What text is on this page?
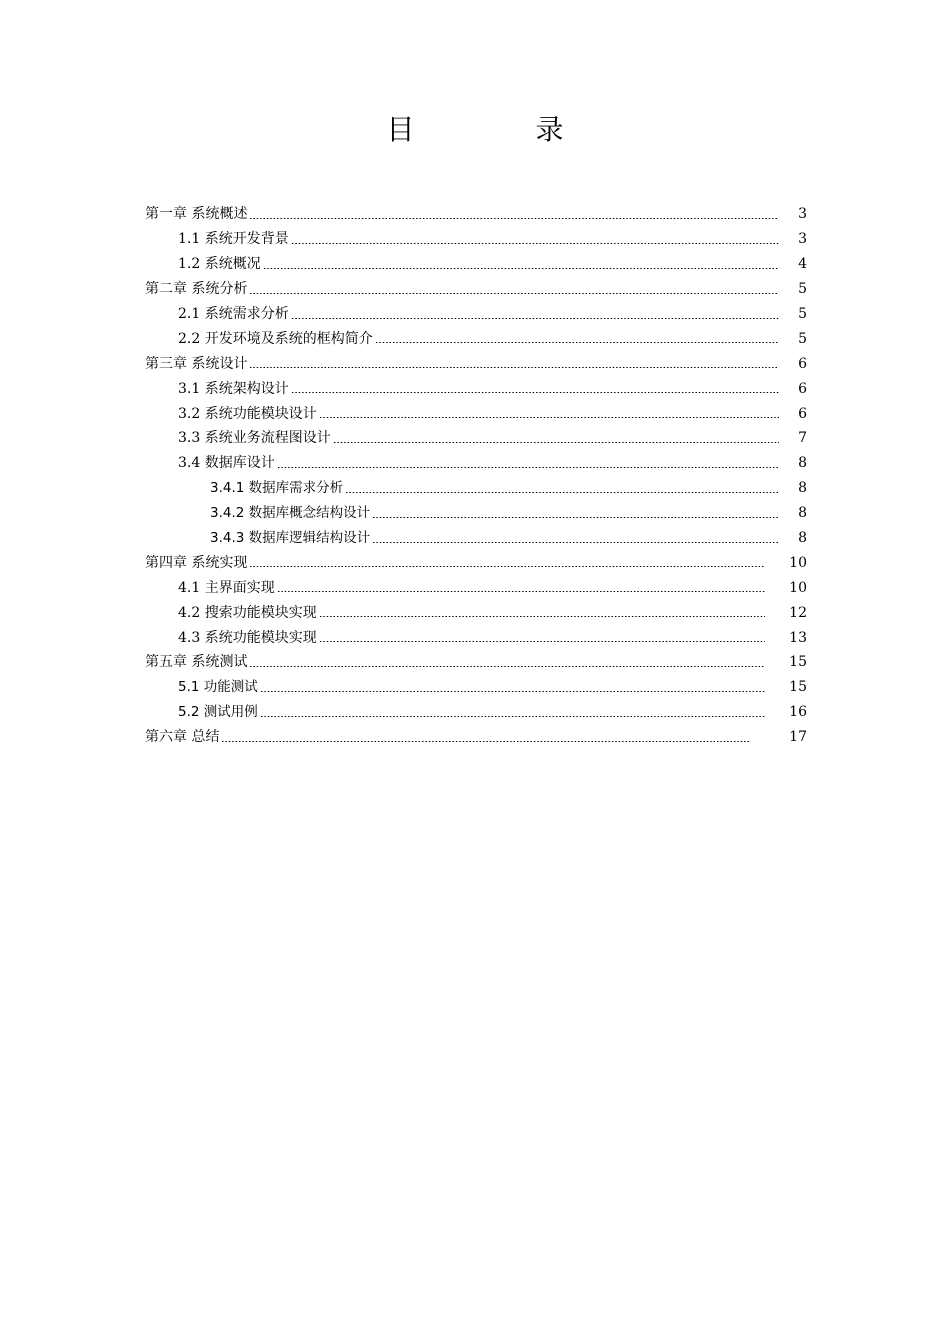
目 录
第一章 系统概述	3
1.1 系统开发背景	3
1.2 系统概况	4
第二章 系统分析	5
2.1 系统需求分析	5
2.2 开发环境及系统的框构简介	5
第三章 系统设计	6
3.1 系统架构设计	6
3.2 系统功能模块设计	6
3.3 系统业务流程图设计	7
3.4 数据库设计	8
3.4.1 数据库需求分析	8
3.4.2 数据库概念结构设计	8
3.4.3 数据库逻辑结构设计	8
第四章 系统实现	10
4.1 主界面实现	10
4.2 搜索功能模块实现	12
4.3 系统功能模块实现	13
第五章 系统测试	15
5.1 功能测试	15
5.2 测试用例	16
第六章 总结	17
